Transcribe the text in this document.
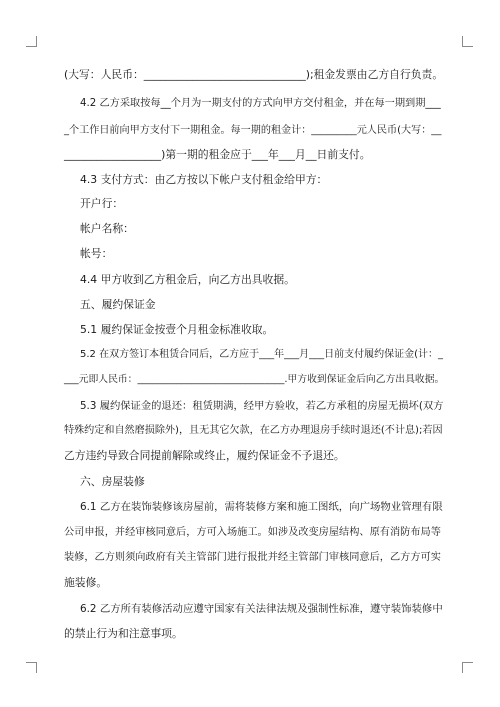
(大写：人民币：______________________________);租金发票由乙方自行负责。
4.2 乙方采取按每__个月为一期支付的方式向甲方交付租金，并在每一期到期___
_个工作日前向甲方支付下一期租金。每一期的租金计：_________元人民币(大写：__
__________________)第一期的租金应于___年___月__日前支付。
4.3 支付方式：由乙方按以下帐户支付租金给甲方：
开户行：
帐户名称：
帐号：
4.4 甲方收到乙方租金后，向乙方出具收据。
五、履约保证金
5.1 履约保证金按壹个月租金标准收取。
5.2 在双方签订本租赁合同后，乙方应于___年___月___日前支付履约保证金(计：_
___元即人民币：______________________________.甲方收到保证金后向乙方出具收据。
5.3 履约保证金的退还：租赁期满，经甲方验收，若乙方承租的房屋无损坏(双方
特殊约定和自然磨损除外)，且无其它欠款，在乙方办理退房手续时退还(不计息);若因
乙方违约导致合同提前解除或终止，履约保证金不予退还。
六、房屋装修
6.1 乙方在装饰装修该房屋前，需将装修方案和施工图纸，向广场物业管理有限
公司申报，并经审核同意后，方可入场施工。如涉及改变房屋结构、原有消防布局等
装修，乙方则须向政府有关主管部门进行报批并经主管部门审核同意后，乙方方可实
施装修。
6.2 乙方所有装修活动应遵守国家有关法律法规及强制性标准，遵守装饰装修中
的禁止行为和注意事项。
